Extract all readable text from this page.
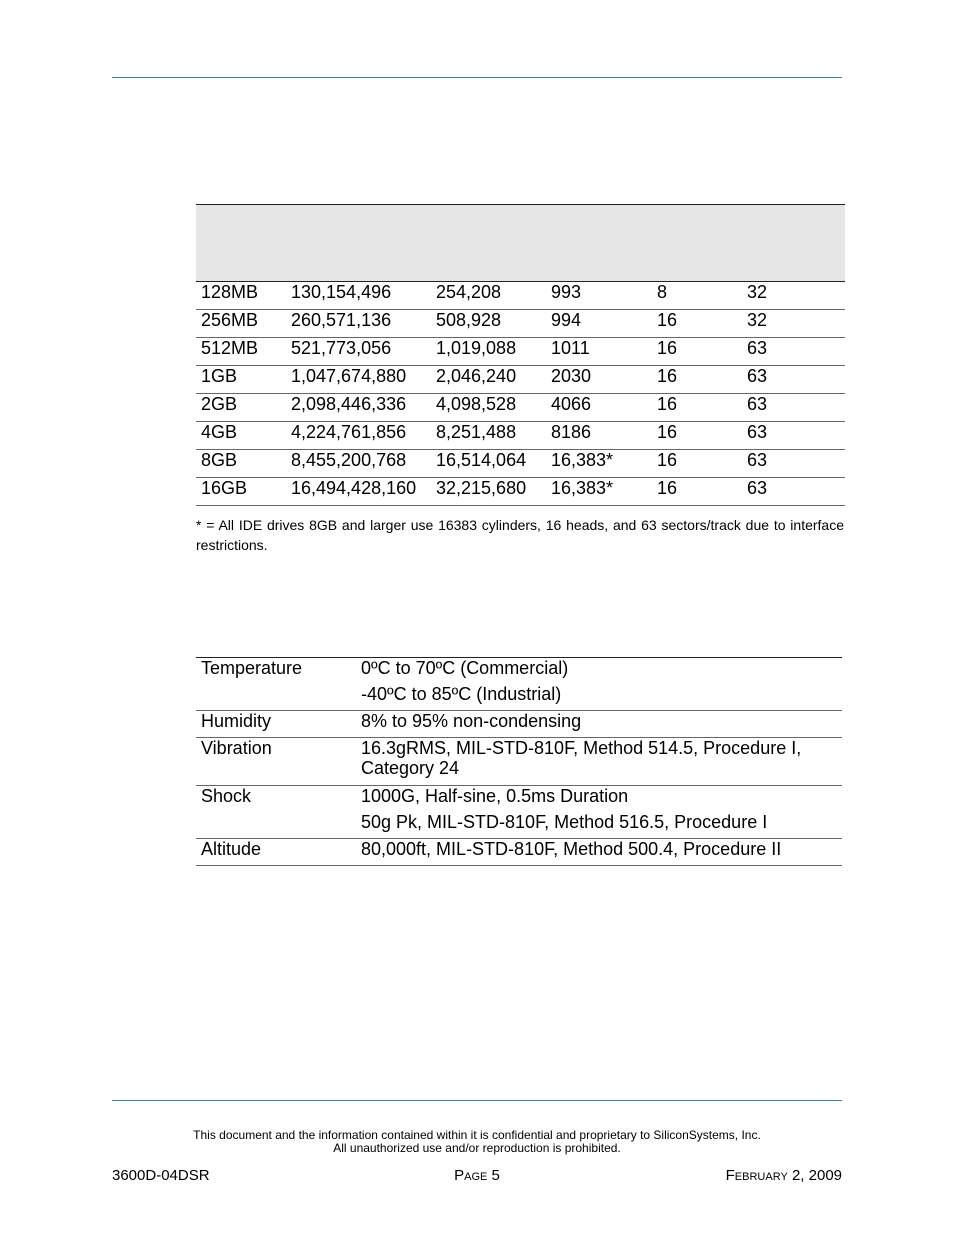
128MB	130,154,496	254,208	993	8	32
256MB	260,571,136	508,928	994	16	32
512MB	521,773,056	1,019,088	1011	16	63
1GB	1,047,674,880	2,046,240	2030	16	63
2GB	2,098,446,336	4,098,528	4066	16	63
4GB	4,224,761,856	8,251,488	8186	16	63
8GB	8,455,200,768	16,514,064	16,383*	16	63
16GB	16,494,428,160	32,215,680	16,383*	16	63
* = All IDE drives 8GB and larger use 16383 cylinders, 16 heads, and 63 sectors/track due to interface restrictions.
Temperature	0ºC to 70ºC (Commercial)
	-40ºC to 85ºC (Industrial)
Humidity	8% to 95% non-condensing
Vibration	16.3gRMS, MIL-STD-810F, Method 514.5, Procedure I, Category 24
Shock	1000G, Half-sine, 0.5ms Duration
	50g Pk, MIL-STD-810F, Method 516.5, Procedure I
Altitude	80,000ft, MIL-STD-810F, Method 500.4, Procedure II
This document and the information contained within it is confidential and proprietary to SiliconSystems, Inc.
All unauthorized use and/or reproduction is prohibited.
3600D-04DSR	PAGE 5	FEBRUARY 2, 2009
